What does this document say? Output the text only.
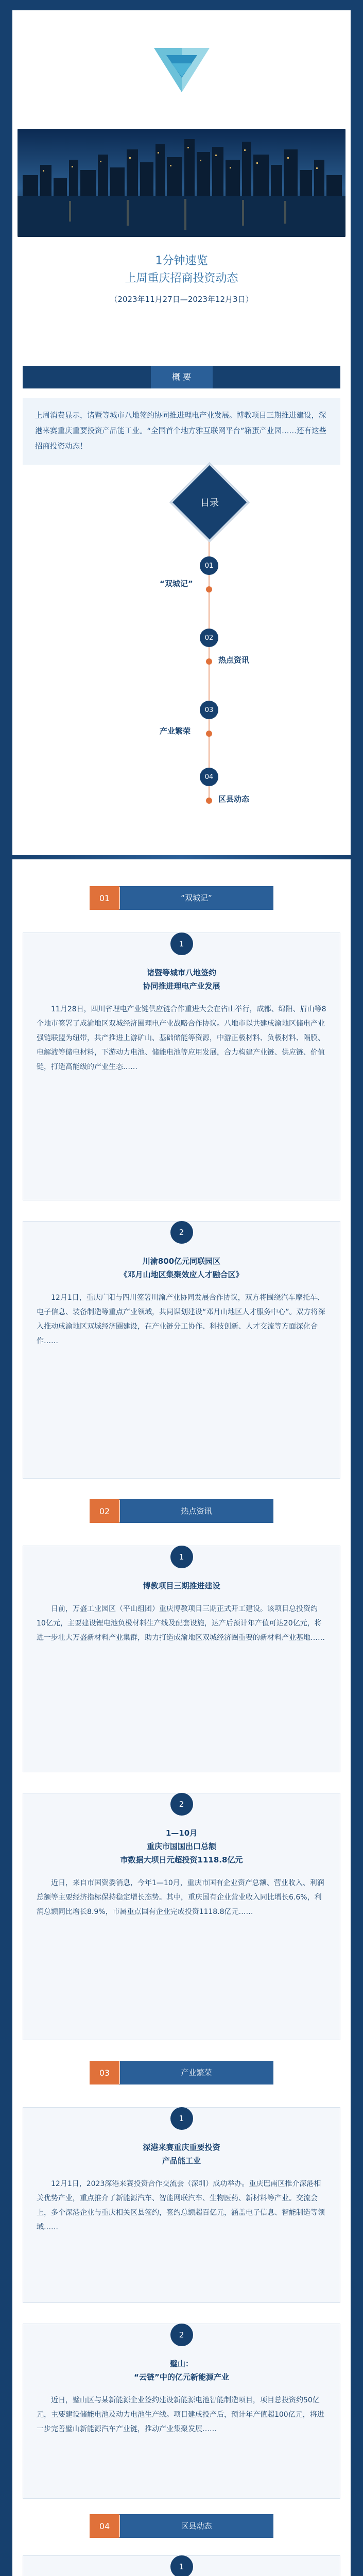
1分钟速览
上周重庆招商投资动态
（2023年11月27日—2023年12月3日）
概 要
上周消费显示，诸暨等城市八地签约协同推进理电产业发展。博教项目三期推进建设，深港来赛重庆重要投资产品能工业。“全国首个地方雅互联网平台”箱蛋产业园……还有这些招商投资动态！
目录
01
“双城记”
02
热点资讯
03
产业繁荣
04
区县动态
01	“双城记”
1
诸暨等城市八地签约
协同推进理电产业发展
11月28日，四川省理电产业链供应链合作重进大会在省山举行，成都、绵阳、眉山等8个地市签署了成渝地区双城经济圈理电产业战略合作协议。八地市以共建成渝地区储电产业强链联盟为纽带，共产推进上游矿山、基础储能等资源，中游正极材料、负极材料、隔膜、电解液等储电材料，下游动力电池、储能电池等应用发展，合力构建产业链、供应链、价值链，打造高能级的产业生态……
2
川渝800亿元同联园区
《邓月山地区集聚效应人才融合区》
12月1日，重庆广阳与四川签署川渝产业协同发展合作协议，双方将围绕汽车摩托车、电子信息、装备制造等重点产业领域，共同谋划建设“邓月山地区人才服务中心”。双方将深入推动成渝地区双城经济圈建设，在产业链分工协作、科技创新、人才交流等方面深化合作……
02	热点资讯
1
博教项目三期推进建设
日前，万盛工业园区（平山组团）重庆博教项目三期正式开工建设。该项目总投资约10亿元，主要建设锂电池负极材料生产线及配套设施，达产后预计年产值可达20亿元，将进一步壮大万盛新材料产业集群，助力打造成渝地区双城经济圈重要的新材料产业基地……
2
1—10月
重庆市国国出口总额
市数据大坝日元超投资1118.8亿元
近日，来自市国资委消息，今年1—10月，重庆市国有企业资产总额、营业收入、利润总额等主要经济指标保持稳定增长态势。其中，重庆国有企业营业收入同比增长6.6%，利润总额同比增长8.9%，市属重点国有企业完成投资1118.8亿元……
03	产业繁荣
1
深港来赛重庆重要投资
产品能工业
12月1日，2023深港来赛投资合作交流会（深圳）成功举办。重庆巴南区推介深港相关优势产业，重点推介了新能源汽车、智能网联汽车、生物医药、新材料等产业。交流会上，多个深港企业与重庆相关区县签约，签约总额超百亿元，涵盖电子信息、智能制造等领域……
2
璧山：
“云链”中的亿元新能源产业
近日，璧山区与某新能源企业签约建设新能源电池智能制造项目，项目总投资约50亿元，主要建设储能电池及动力电池生产线。项目建成投产后，预计年产值超100亿元，将进一步完善璧山新能源汽车产业链，推动产业集聚发展……
04	区县动态
1
